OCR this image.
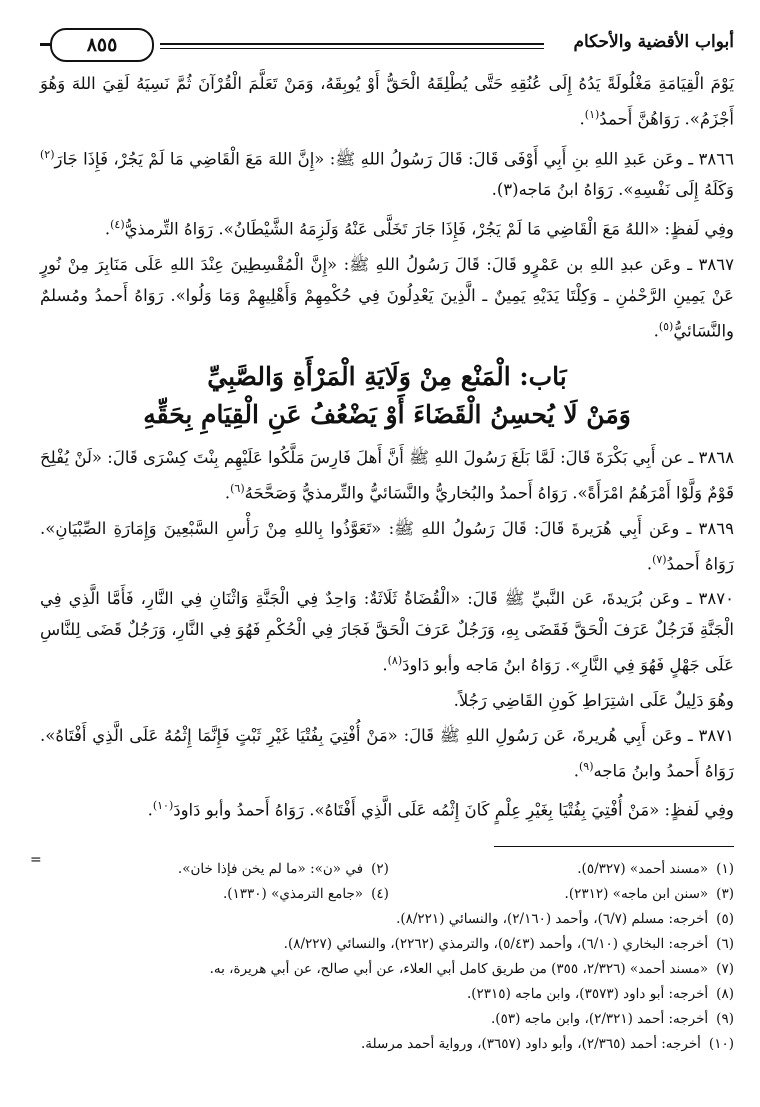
أبواب الأقضية والأحكام
٨٥٥

يَوْمَ الْقِيَامَةِ مَغْلُولَةً يَدُهُ إِلَى عُنُقِهِ حَتَّى يُطْلِقَهُ الْحَقُّ أَوْ يُوبِقَهُ، وَمَنْ تَعَلَّمَ الْقُرْآنَ ثُمَّ نَسِيَهُ لَقِيَ اللهَ وَهُوَ أَجْزَمُ». رَوَاهُنَّ أَحمدُ$^{(١)}$.

٣٨٦٦ ـ وعَن عَبدِ اللهِ بنِ أَبِي أَوْفَى قَالَ: قَالَ رَسُولُ اللهِ ﷺ: «إِنَّ اللهَ مَعَ الْقَاضِي مَا لَمْ يَجُرْ، فَإِذَا جَارَ$^{(٢)}$ وَكَلَهُ إِلَى نَفْسِهِ». رَوَاهُ ابنُ مَاجه(٣).

وفِي لَفظٍ: «اللهُ مَعَ الْقَاضِي مَا لَمْ يَجُرْ، فَإِذَا جَارَ تَخَلَّى عَنْهُ وَلَزِمَهُ الشَّيْطَانُ». رَوَاهُ التِّرمذيُّ$^{(٤)}$.

٣٨٦٧ ـ وعَن عبدِ اللهِ بن عَمْرٍو قَالَ: قَالَ رَسُولُ اللهِ ﷺ: «إِنَّ الْمُقْسِطِينَ عِنْدَ اللهِ عَلَى مَنَابِرَ مِنْ نُورٍ عَنْ يَمِينِ الرَّحْمٰنِ ـ وَكِلْتَا يَدَيْهِ يَمِينٌ ـ الَّذِينَ يَعْدِلُونَ فِي حُكْمِهِمْ وَأَهْلِيهِمْ وَمَا وَلُوا». رَوَاهُ أَحمدُ ومُسلمٌ والنَّسَائيُّ$^{(٥)}$.

بَاب: الْمَنْع مِنْ وَلَايَةِ الْمَرْأَةِ وَالصَّبِيِّ
وَمَنْ لَا يُحسِنُ الْقَضَاءَ أَوْ يَضْعُفُ عَنِ الْقِيَامِ بِحَقِّهِ

٣٨٦٨ ـ عن أَبِي بَكْرَةَ قَالَ: لَمَّا بَلَغَ رَسُولَ اللهِ ﷺ أَنَّ أَهلَ فَارِسَ مَلَّكُوا عَلَيْهِم بِنْتَ كِسْرَى قَالَ: «لَنْ يُفْلِحَ قَوْمٌ وَلَّوْا أَمْرَهُمُ امْرَأَةً». رَوَاهُ أَحمدُ والبُخاريُّ والنَّسَائيُّ والتِّرمذيُّ وَصَحَّحَهُ$^{(٦)}$.

٣٨٦٩ ـ وعَن أَبِي هُرَيرةَ قَالَ: قَالَ رَسُولُ اللهِ ﷺ: «تَعَوَّذُوا بِاللهِ مِنْ رَأْسِ السَّبْعِينَ وَإِمَارَةِ الصِّبْيَانِ». رَوَاهُ أَحمدُ$^{(٧)}$.

٣٨٧٠ ـ وعَن بُرَيدةَ، عَن النَّبيِّ ﷺ قَالَ: «الْقُضَاةُ ثَلَاثَةٌ: وَاحِدٌ فِي الْجَنَّةِ وَاثْنَانِ فِي النَّارِ، فَأَمَّا الَّذِي فِي الْجَنَّةِ فَرَجُلٌ عَرَفَ الْحَقَّ فَقَضَى بِهِ، وَرَجُلٌ عَرَفَ الْحَقَّ فَجَارَ فِي الْحُكْمِ فَهُوَ فِي النَّارِ، وَرَجُلٌ قَضَى لِلنَّاسِ عَلَى جَهْلٍ فَهُوَ فِي النَّارِ». رَوَاهُ ابنُ مَاجه وأبو دَاودَ$^{(٨)}$.

وهُوَ دَلِيلٌ عَلَى اشتِرَاطِ كَونِ القَاضِي رَجُلاً.

٣٨٧١ ـ وعَن أَبِي هُريرةَ، عَن رَسُولِ اللهِ ﷺ قَالَ: «مَنْ أُفْتِيَ بِفُتْيَا غَيْرِ ثَبْتٍ فَإِنَّمَا إِثْمُهُ عَلَى الَّذِي أَفْتَاهُ». رَوَاهُ أَحمدُ وابنُ مَاجه$^{(٩)}$.

وفِي لَفظٍ: «مَنْ أُفْتِيَ بِفُتْيَا بِغَيْرِ عِلْمٍ كَانَ إِثْمُه عَلَى الَّذِي أَفْتَاهُ». رَوَاهُ أَحمدُ وأبو دَاودَ$^{(١٠)}$.

(١)
«مسند أحمد» (٥/٣٢٧).
(٢)
في «ن»: «ما لم يخن فإذا خان».
(٣)
«سنن ابن ماجه» (٢٣١٢).
(٤)
«جامع الترمذي» (١٣٣٠).
(٥)
أخرجه: مسلم (٦/٧)، وأحمد (٢/١٦٠)، والنسائي (٨/٢٢١).
(٦)
أخرجه: البخاري (٦/١٠)، وأحمد (٥/٤٣)، والترمذي (٢٢٦٢)، والنسائي (٨/٢٢٧).
(٧)
«مسند أحمد» (٢/٣٢٦، ٣٥٥) من طريق كامل أبي العلاء، عن أبي صالح، عن أبي هريرة، به.
(٨)
أخرجه: أبو داود (٣٥٧٣)، وابن ماجه (٢٣١٥).
(٩)
أخرجه: أحمد (٢/٣٢١)، وابن ماجه (٥٣).
(١٠)
أخرجه: أحمد (٢/٣٦٥)، وأبو داود (٣٦٥٧)، ورواية أحمد مرسلة.
=
